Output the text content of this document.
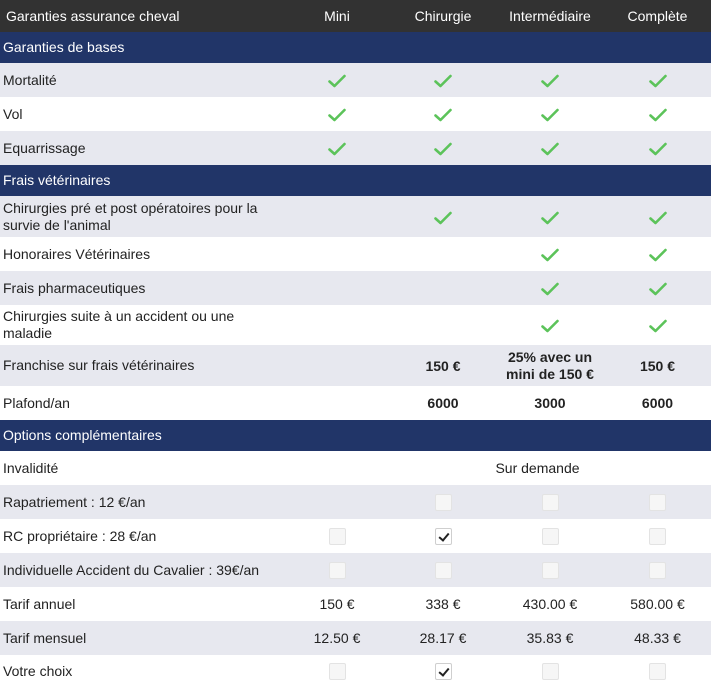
Garanties assurance cheval	Mini	Chirurgie	Intermédiaire	Complète
Garanties de bases				
Mortalité				
Vol				
Equarrissage				
Frais vétérinaires				
Chirurgies pré et post opératoires pour la survie de l'animal				
Honoraires Vétérinaires				
Frais pharmaceutiques				
Chirurgies suite à un accident ou une maladie				
Franchise sur frais vétérinaires		150 €	25% avec un mini de 150 €	150 €
Plafond/an		6000	3000	6000
Options complémentaires				
Invalidité	Sur demande			
Rapatriement : 12 €/an				
RC propriétaire : 28 €/an				
Individuelle Accident du Cavalier : 39€/an				
Tarif annuel	150 €	338 €	430.00 €	580.00 €
Tarif mensuel	12.50 €	28.17 €	35.83 €	48.33 €
Votre choix				
